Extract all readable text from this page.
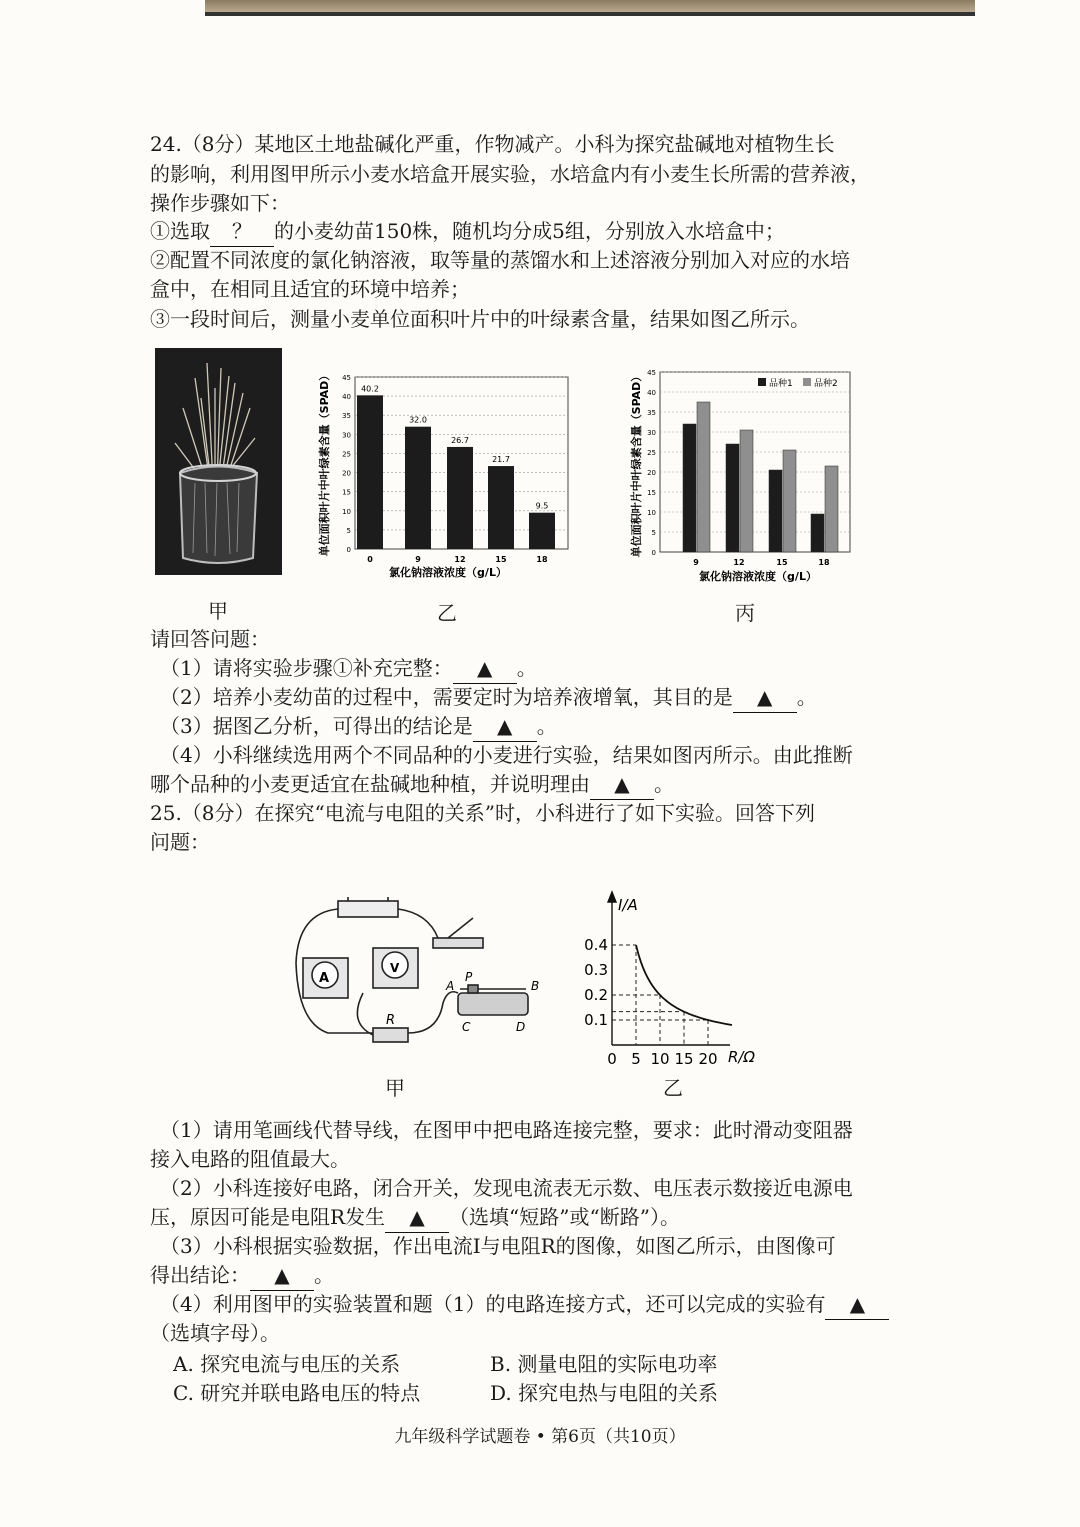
24.（8分）某地区土地盐碱化严重，作物减产。小科为探究盐碱地对植物生长
的影响，利用图甲所示小麦水培盒开展实验，水培盒内有小麦生长所需的营养液，
操作步骤如下：
①选取 ？ 的小麦幼苗150株，随机均分成5组，分别放入水培盒中；
②配置不同浓度的氯化钠溶液，取等量的蒸馏水和上述溶液分别加入对应的水培
盒中，在相同且适宜的环境中培养；
③一段时间后，测量小麦单位面积叶片中的叶绿素含量，结果如图乙所示。
0
5
10
15
20
25
30
35
40
45
40.2
32.0
26.7
21.7
9.5
0	9	12	15	18
氯化钠溶液浓度（g/L）
单位面积叶片中叶绿素含量（SPAD）	0
5
10
15
20
25
30
35
40
45
9	12	15	18
品种1 品种2
氯化钠溶液浓度（g/L）
单位面积叶片中叶绿素含量（SPAD）
甲	乙	丙
请回答问题：
（1）请将实验步骤①补充完整： ▲ 。
（2）培养小麦幼苗的过程中，需要定时为培养液增氧，其目的是 ▲ 。
（3）据图乙分析，可得出的结论是 ▲ 。
（4）小科继续选用两个不同品种的小麦进行实验，结果如图丙所示。由此推断
哪个品种的小麦更适宜在盐碱地种植，并说明理由 ▲ 。
25.（8分）在探究“电流与电阻的关系”时，小科进行了如下实验。回答下列
问题：
A
V
R
A
P
B
C	D
0 5 10 15 20
0.1
0.2
0.3
0.4
I/A
R/Ω
甲	乙
（1）请用笔画线代替导线，在图甲中把电路连接完整，要求：此时滑动变阻器
接入电路的阻值最大。
（2）小科连接好电路，闭合开关，发现电流表无示数、电压表示数接近电源电
压，原因可能是电阻R发生 ▲ （选填“短路”或“断路”）。
（3）小科根据实验数据，作出电流I与电阻R的图像，如图乙所示，由图像可
得出结论： ▲ 。
（4）利用图甲的实验装置和题（1）的电路连接方式，还可以完成的实验有 ▲
（选填字母）。
A. 探究电流与电压的关系	B. 测量电阻的实际电功率
C. 研究并联电路电压的特点	D. 探究电热与电阻的关系
九年级科学试题卷 • 第6页（共10页）
